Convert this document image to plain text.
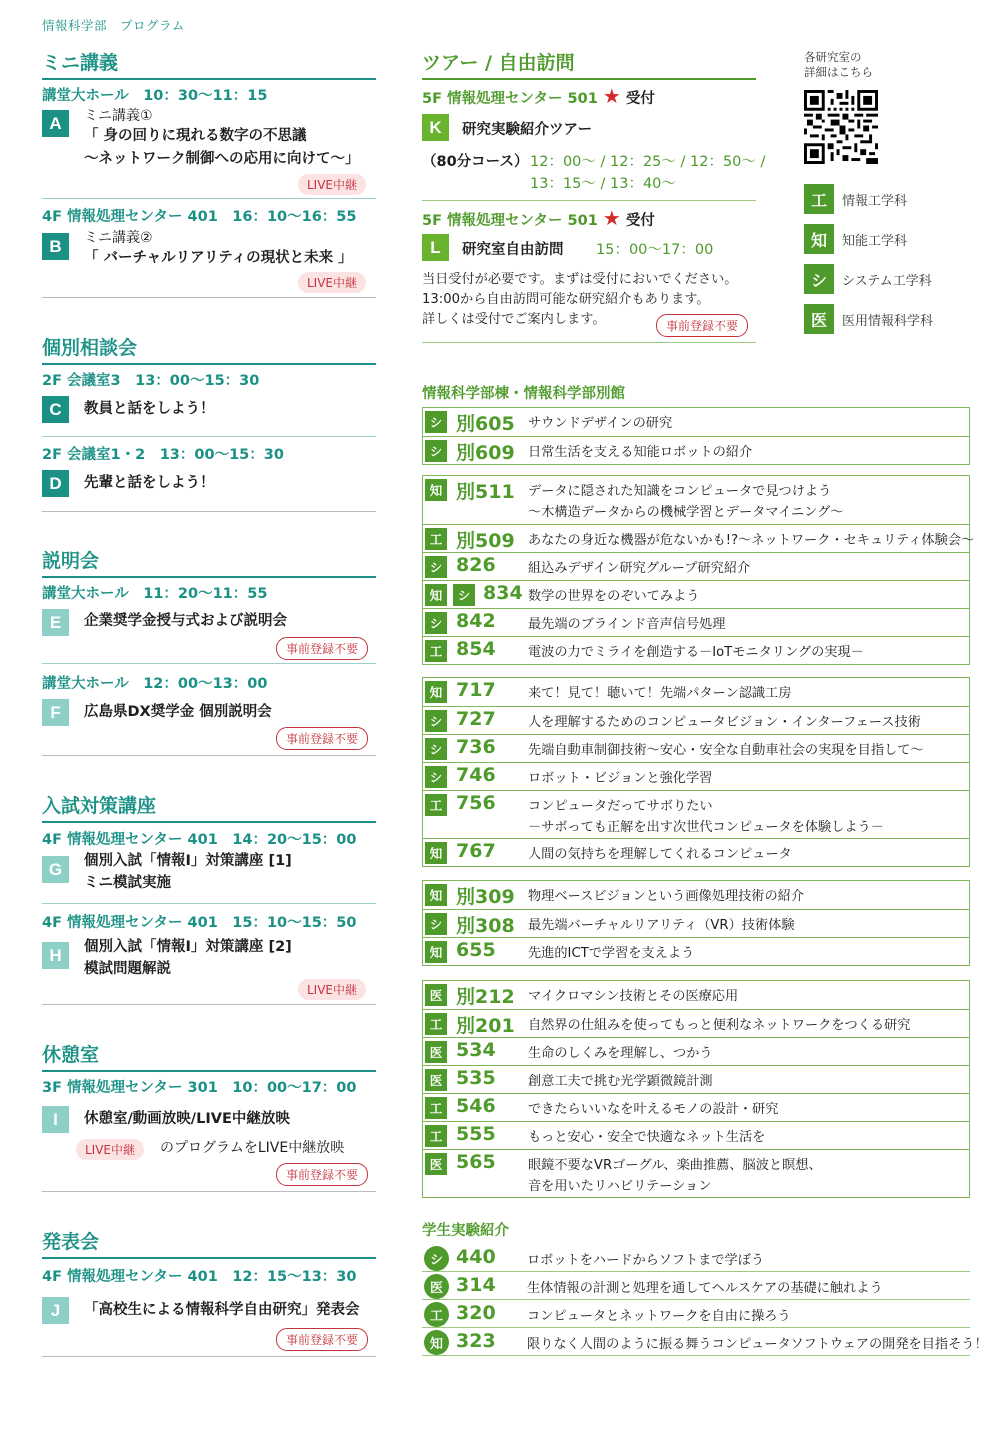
情報科学部　プログラム
ミニ講義
講堂大ホール　10：30〜11：15
A	ミニ講義①
「 身の回りに現れる数字の不思議
〜ネットワーク制御への応用に向けて〜」
LIVE中継
4F 情報処理センター 401　16：10〜16：55
B	ミニ講義②
「 バーチャルリアリティの現状と未来 」
LIVE中継
個別相談会
2F 会議室3　13：00〜15：30
C	教員と話をしよう！
2F 会議室1・2　13：00〜15：30
D	先輩と話をしよう！
説明会
講堂大ホール　11：20〜11：55
E	企業奨学金授与式および説明会
事前登録不要
講堂大ホール　12：00〜13：00
F	広島県DX奨学金 個別説明会
事前登録不要
入試対策講座
4F 情報処理センター 401　14：20〜15：00
G	個別入試「情報Ⅰ」対策講座 [1]
ミニ模試実施
4F 情報処理センター 401　15：10〜15：50
H	個別入試「情報Ⅰ」対策講座 [2]
模試問題解説
LIVE中継
休憩室
3F 情報処理センター 301　10：00〜17：00
I	休憩室/動画放映/LIVE中継放映
LIVE中継	のプログラムをLIVE中継放映
事前登録不要
発表会
4F 情報処理センター 401　12：15〜13：30
J	「高校生による情報科学自由研究」発表会
事前登録不要
ツアー / 自由訪問
5F 情報処理センター 501 ★ 受付
K	研究実験紹介ツアー
（80分コース） 12：00〜 / 12：25〜 / 12：50〜 /
13：15〜 / 13：40〜
5F 情報処理センター 501 ★ 受付
L	研究室自由訪問 15：00〜17：00
当日受付が必要です。まずは受付においでください。
13:00から自由訪問可能な研究紹介もあります。
詳しくは受付でご案内します。	事前登録不要
各研究室の
詳細はこちら
工	情報工学科
知	知能工学科
シ	システム工学科
医	医用情報科学科
情報科学部棟・情報科学部別館
シ 別605 サウンドデザインの研究
シ 別609 日常生活を支える知能ロボットの紹介
知 別511 データに隠された知識をコンピュータで見つけよう
〜木構造データからの機械学習とデータマイニング〜
工 別509 あなたの身近な機器が危ないかも!?〜ネットワーク・セキュリティ体験会〜
シ 826 組込みデザイン研究グループ研究紹介
知	シ 834 数学の世界をのぞいてみよう
シ 842 最先端のブラインド音声信号処理
工 854 電波の力でミライを創造する－IoTモニタリングの実現－
知 717 来て！見て！聴いて！先端パターン認識工房
シ 727 人を理解するためのコンピュータビジョン・インターフェース技術
シ 736 先端自動車制御技術〜安心・安全な自動車社会の実現を目指して〜
シ 746 ロボット・ビジョンと強化学習
工 756 コンピュータだってサボりたい
－サボっても正解を出す次世代コンピュータを体験しよう－
知 767 人間の気持ちを理解してくれるコンピュータ
知 別309 物理ベースビジョンという画像処理技術の紹介
シ 別308 最先端バーチャルリアリティ（VR）技術体験
知 655 先進的ICTで学習を支えよう
医 別212 マイクロマシン技術とその医療応用
工 別201 自然界の仕組みを使ってもっと便利なネットワークをつくる研究
医 534 生命のしくみを理解し、つかう
医 535 創意工夫で挑む光学顕微鏡計測
工 546 できたらいいなを叶えるモノの設計・研究
工 555 もっと安心・安全で快適なネット生活を
医 565 眼鏡不要なVRゴーグル、楽曲推薦、脳波と瞑想、
音を用いたリハビリテーション
学生実験紹介
シ 440 ロボットをハードからソフトまで学ぼう
医 314 生体情報の計測と処理を通してヘルスケアの基礎に触れよう
工 320 コンピュータとネットワークを自由に操ろう
知 323 限りなく人間のように振る舞うコンピュータソフトウェアの開発を目指そう！
